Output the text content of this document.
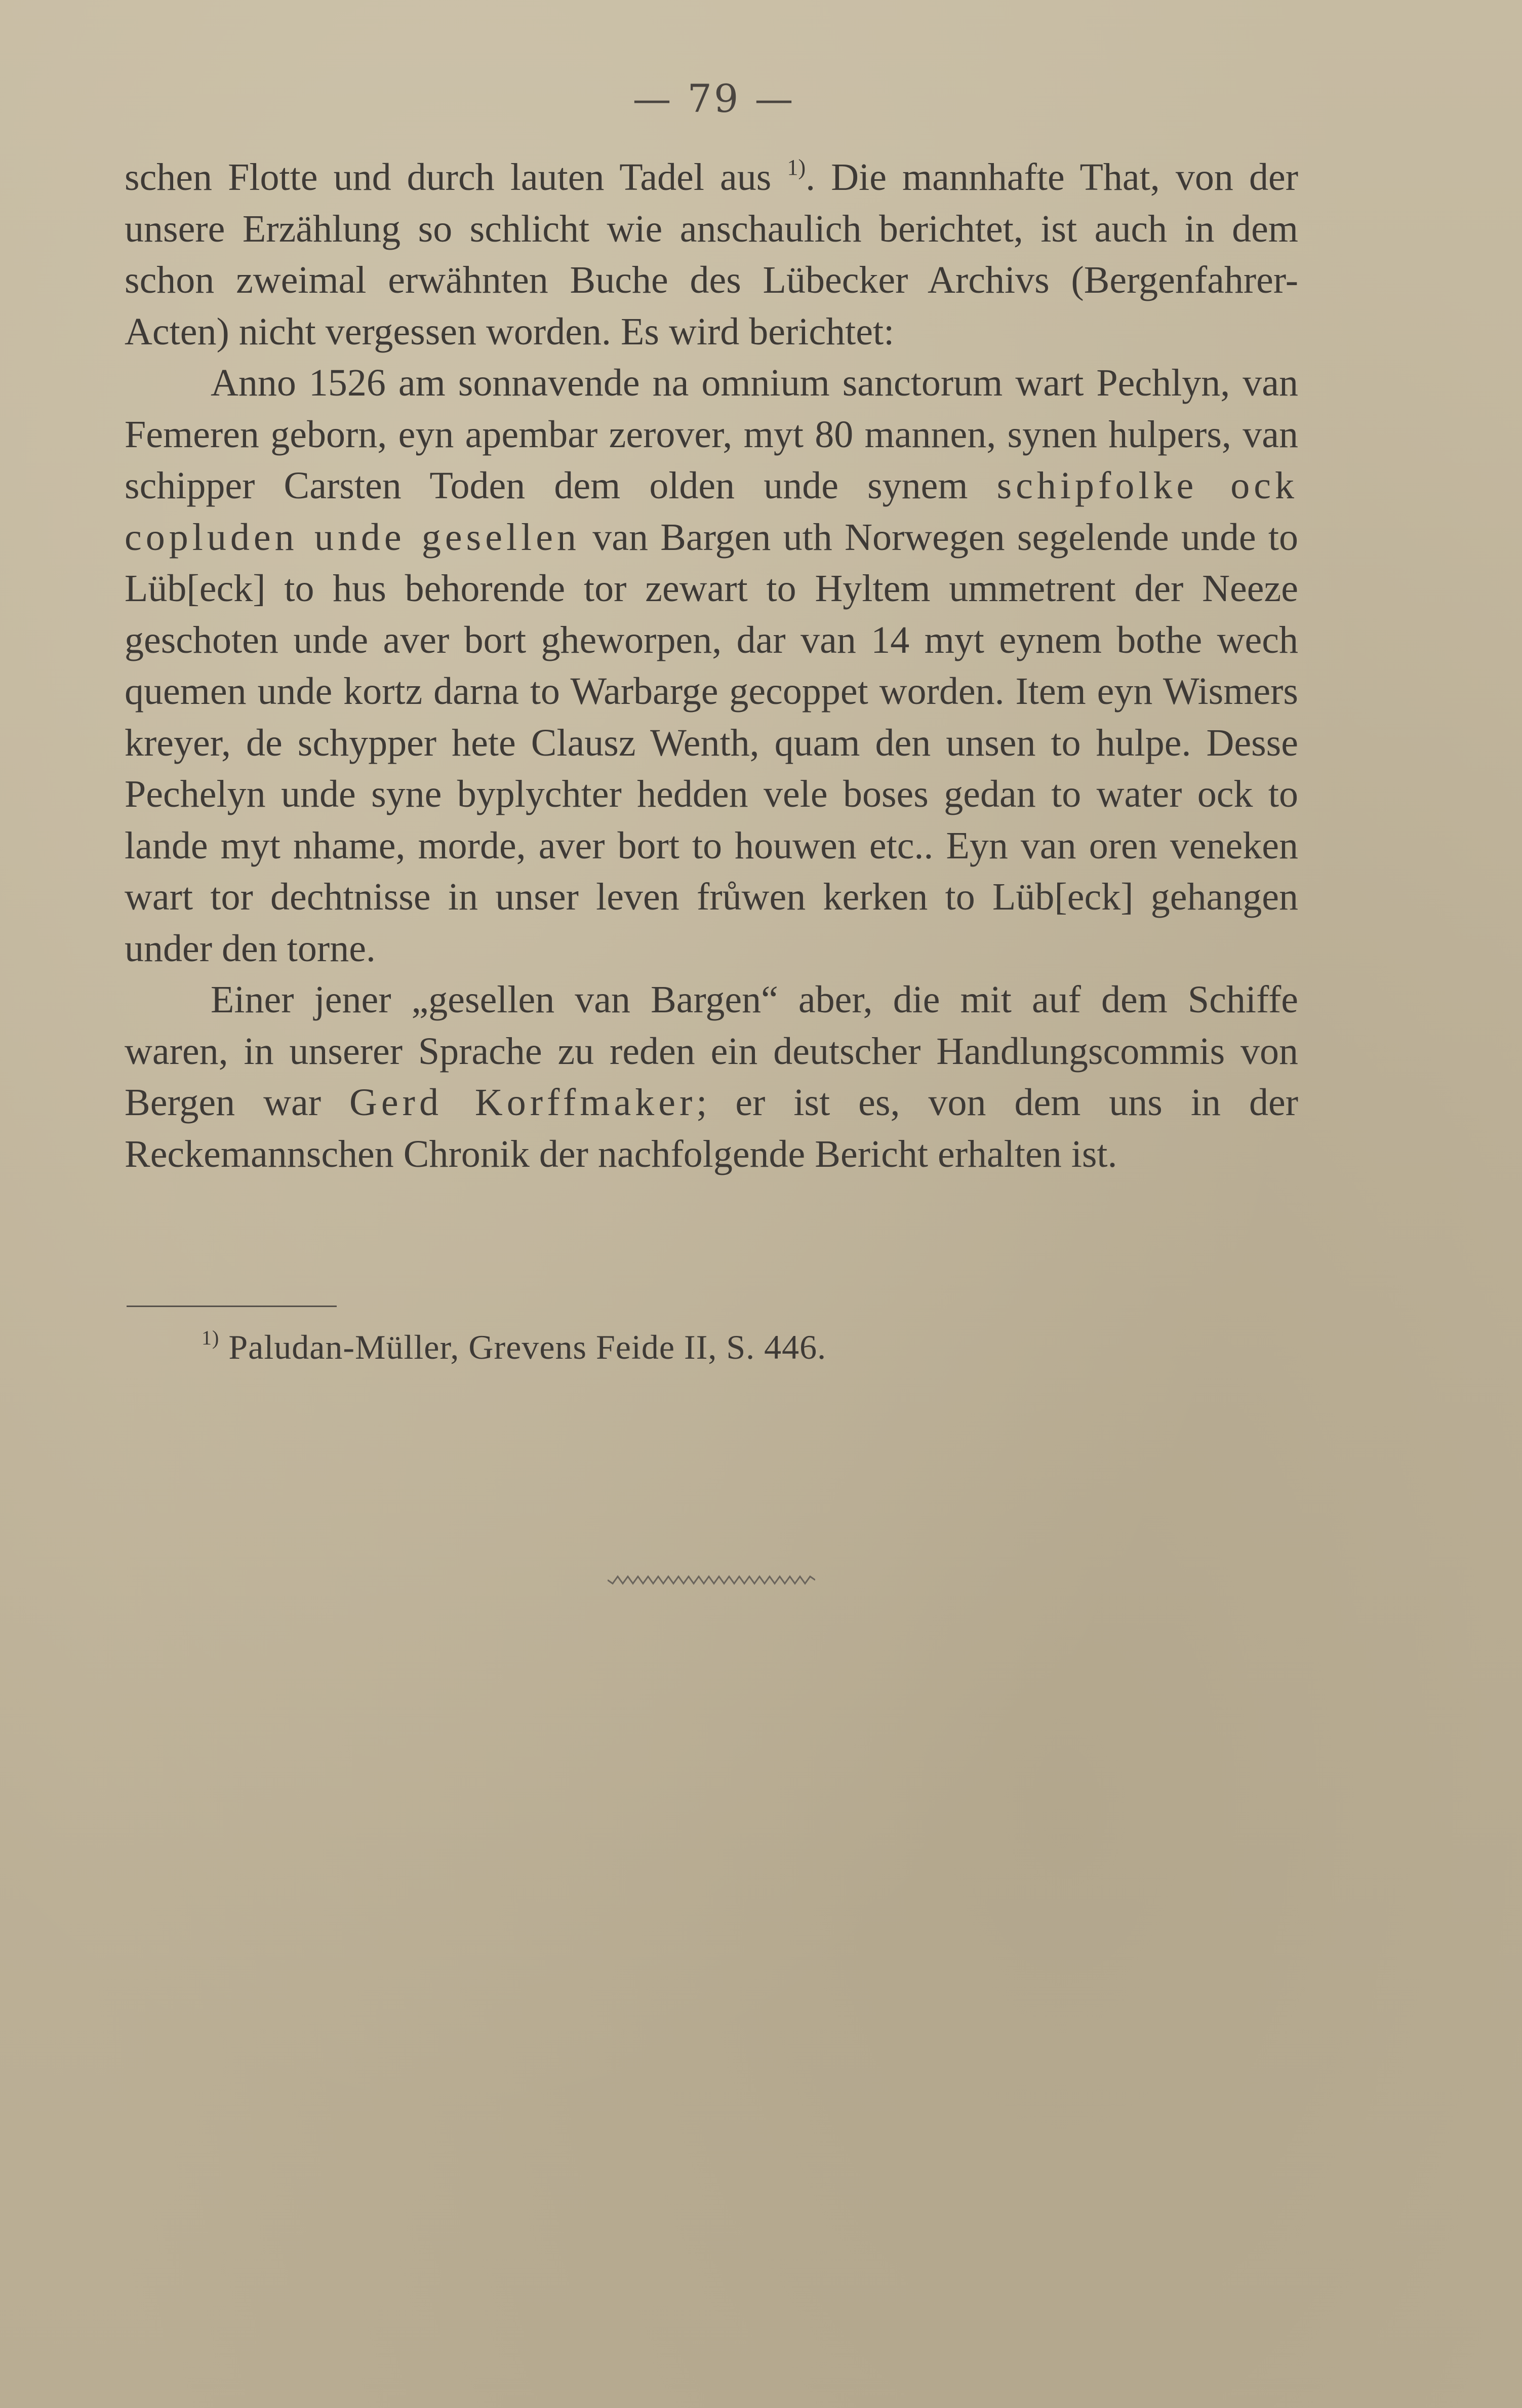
— 79 —

schen Flotte und durch lauten Tadel aus $^{1)}$. Die mannhafte That, von der unsere Erzählung so schlicht wie anschaulich berichtet, ist auch in dem schon zweimal erwähnten Buche des Lübecker Archivs (Bergenfahrer-Acten) nicht vergessen worden. Es wird berichtet:

Anno 1526 am sonnavende na omnium sanctorum wart Pechlyn, van Femeren geborn, eyn apembar zerover, myt 80 mannen, synen hulpers, van schipper Carsten Toden dem olden unde synem schipfolke ock copluden unde gesellen van Bargen uth Norwegen segelende unde to Lüb[eck] to hus behorende tor zewart to Hyltem ummetrent der Neeze geschoten unde aver bort gheworpen, dar van 14 myt eynem bothe wech quemen unde kortz darna to Warbarge gecoppet worden. Item eyn Wismers kreyer, de schypper hete Clausz Wenth, quam den unsen to hulpe. Desse Pechelyn unde syne byplychter hedden vele boses gedan to water ock to lande myt nhame, morde, aver bort to houwen etc.. Eyn van oren veneken wart tor dechtnisse in unser leven frůwen kerken to Lüb[eck] gehangen under den torne.

Einer jener „gesellen van Bargen“ aber, die mit auf dem Schiffe waren, in unserer Sprache zu reden ein deutscher Handlungscommis von Bergen war Gerd Korffmaker; er ist es, von dem uns in der Reckemannschen Chronik der nachfolgende Bericht erhalten ist.

$^{1)}$ Paludan-Müller, Grevens Feide II, S. 446.
